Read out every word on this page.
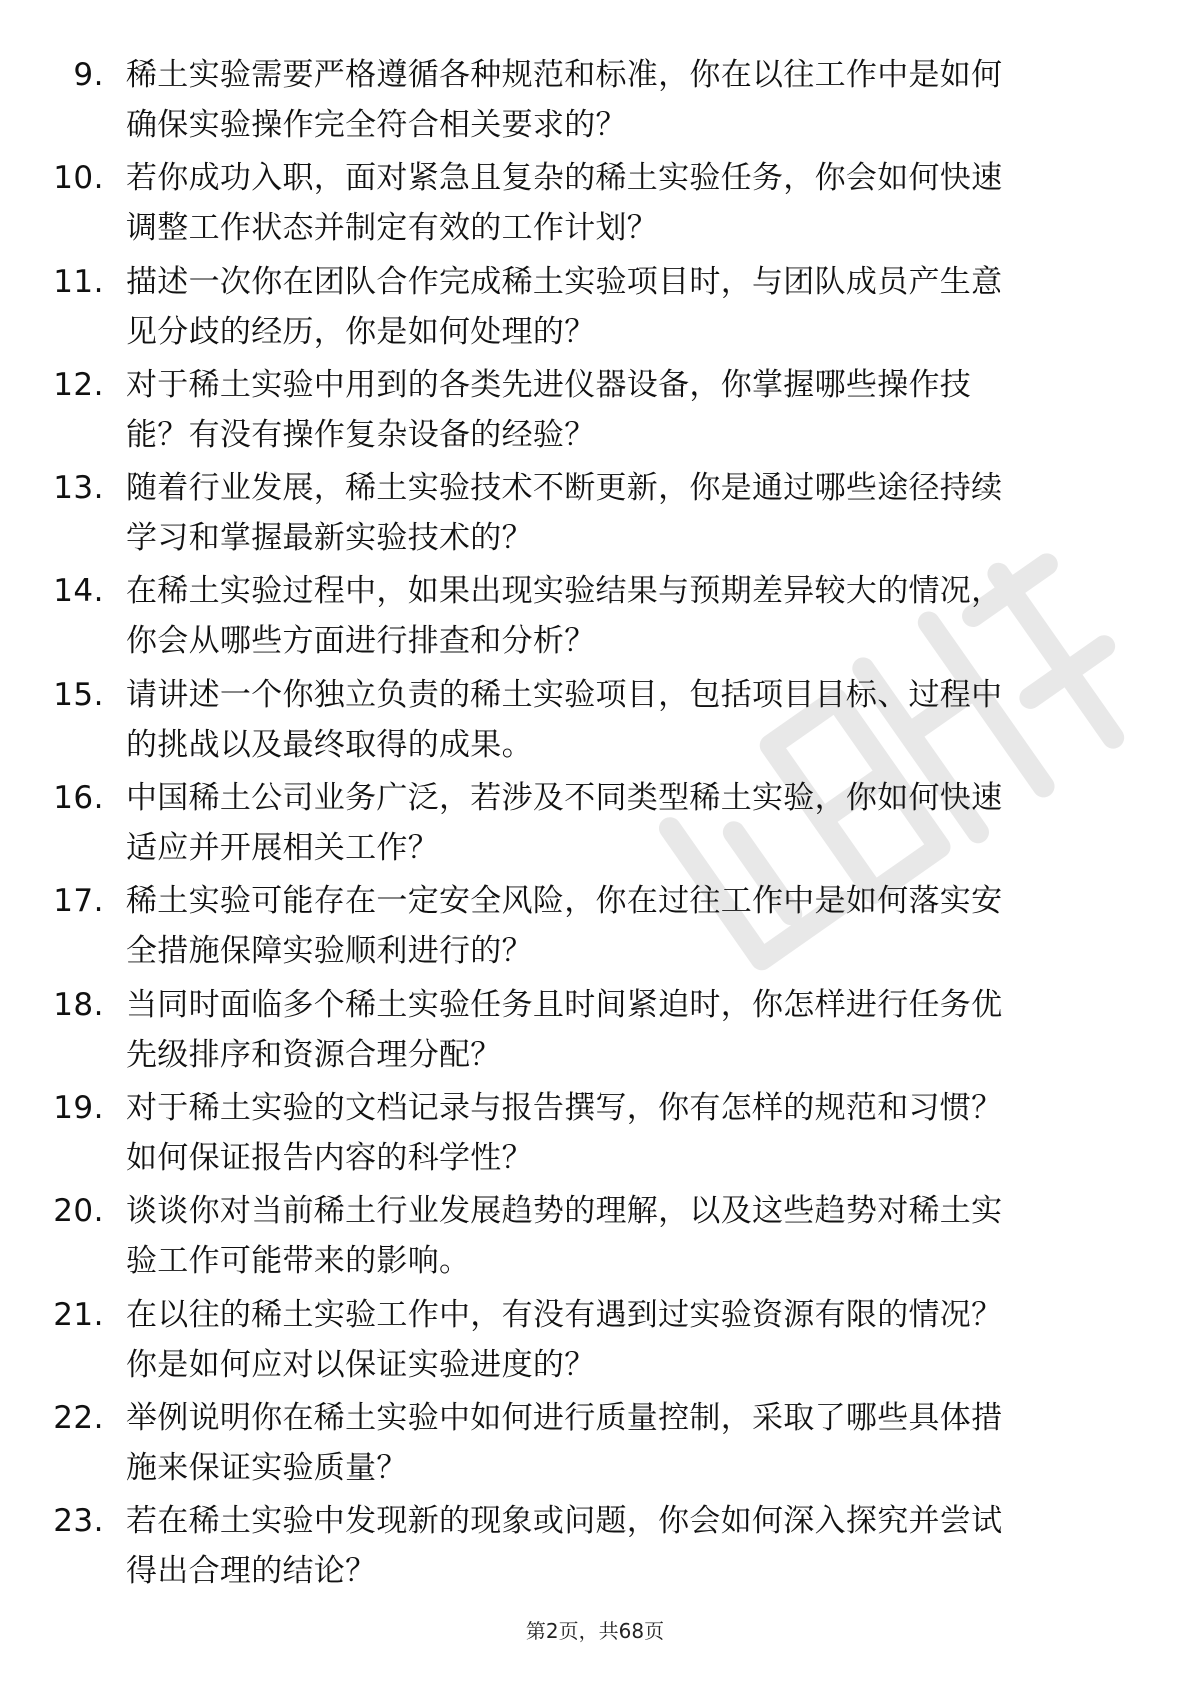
9. 稀土实验需要严格遵循各种规范和标准，你在以往工作中是如何
确保实验操作完全符合相关要求的？
10. 若你成功入职，面对紧急且复杂的稀土实验任务，你会如何快速
调整工作状态并制定有效的工作计划？
11. 描述一次你在团队合作完成稀土实验项目时，与团队成员产生意
见分歧的经历，你是如何处理的？
12. 对于稀土实验中用到的各类先进仪器设备，你掌握哪些操作技
能？有没有操作复杂设备的经验？
13. 随着行业发展，稀土实验技术不断更新，你是通过哪些途径持续
学习和掌握最新实验技术的？
14. 在稀土实验过程中，如果出现实验结果与预期差异较大的情况，
你会从哪些方面进行排查和分析？
15. 请讲述一个你独立负责的稀土实验项目，包括项目目标、过程中
的挑战以及最终取得的成果。
16. 中国稀土公司业务广泛，若涉及不同类型稀土实验，你如何快速
适应并开展相关工作？
17. 稀土实验可能存在一定安全风险，你在过往工作中是如何落实安
全措施保障实验顺利进行的？
18. 当同时面临多个稀土实验任务且时间紧迫时，你怎样进行任务优
先级排序和资源合理分配？
19. 对于稀土实验的文档记录与报告撰写，你有怎样的规范和习惯？
如何保证报告内容的科学性？
20. 谈谈你对当前稀土行业发展趋势的理解，以及这些趋势对稀土实
验工作可能带来的影响。
21. 在以往的稀土实验工作中，有没有遇到过实验资源有限的情况？
你是如何应对以保证实验进度的？
22. 举例说明你在稀土实验中如何进行质量控制，采取了哪些具体措
施来保证实验质量？
23. 若在稀土实验中发现新的现象或问题，你会如何深入探究并尝试
得出合理的结论？
第2页，共68页
